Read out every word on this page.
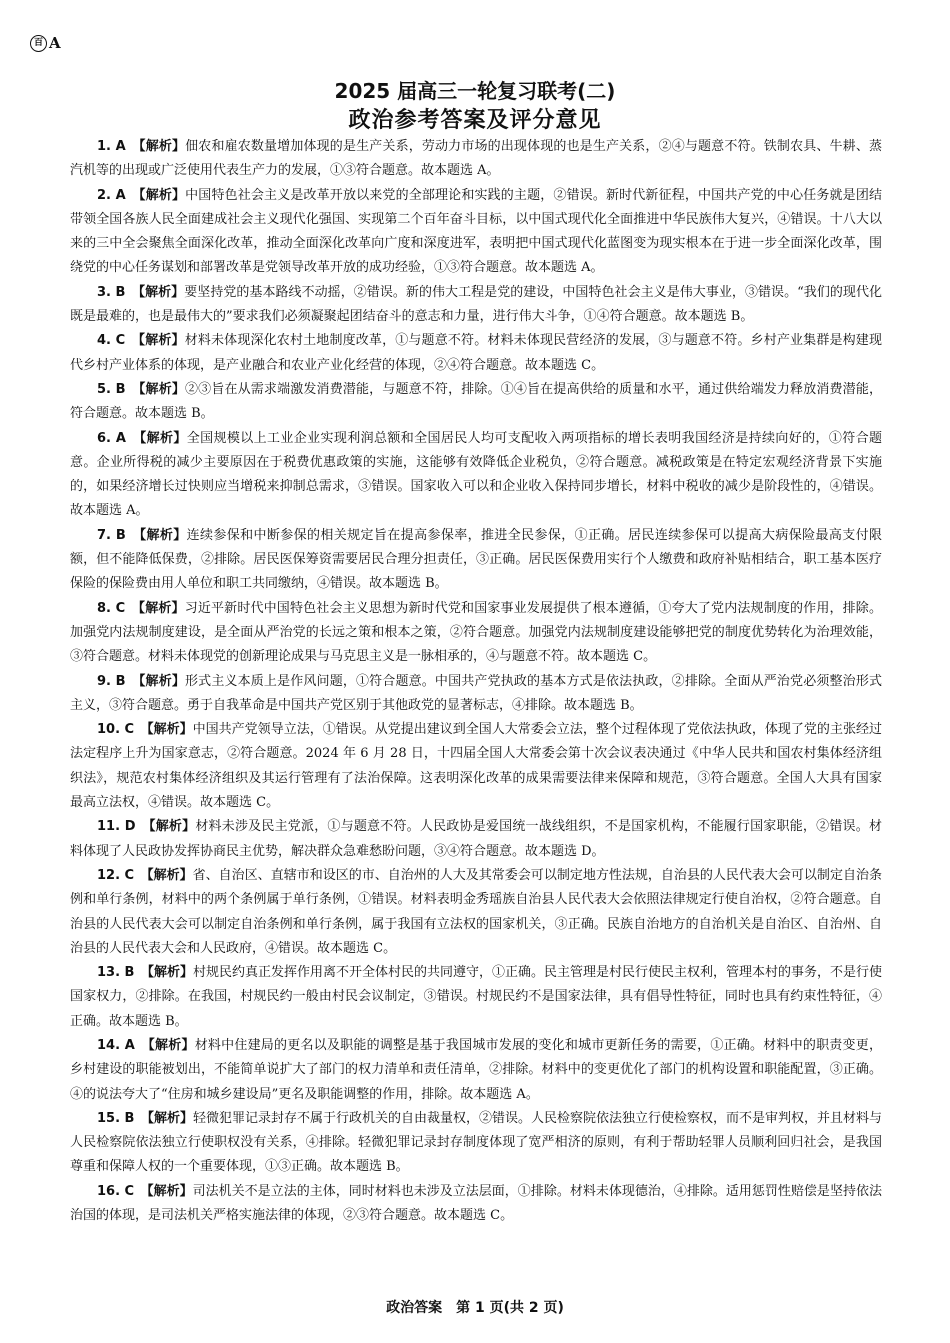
百 A
2025 届高三一轮复习联考(二)
政治参考答案及评分意见

1. A　 【解析】佃农和雇农数量增加体现的是生产关系，劳动力市场的出现体现的也是生产关系，②④与题意不符。铁制农具、牛耕、蒸汽机等的出现或广泛使用代表生产力的发展，①③符合题意。故本题选 A。

2. A　 【解析】中国特色社会主义是改革开放以来党的全部理论和实践的主题，②错误。新时代新征程，中国共产党的中心任务就是团结带领全国各族人民全面建成社会主义现代化强国、实现第二个百年奋斗目标，以中国式现代化全面推进中华民族伟大复兴，④错误。十八大以来的三中全会聚焦全面深化改革，推动全面深化改革向广度和深度进军，表明把中国式现代化蓝图变为现实根本在于进一步全面深化改革，围绕党的中心任务谋划和部署改革是党领导改革开放的成功经验，①③符合题意。故本题选 A。

3. B　 【解析】要坚持党的基本路线不动摇，②错误。新的伟大工程是党的建设，中国特色社会主义是伟大事业，③错误。“我们的现代化既是最难的，也是最伟大的”要求我们必须凝聚起团结奋斗的意志和力量，进行伟大斗争，①④符合题意。故本题选 B。

4. C　 【解析】材料未体现深化农村土地制度改革，①与题意不符。材料未体现民营经济的发展，③与题意不符。乡村产业集群是构建现代乡村产业体系的体现，是产业融合和农业产业化经营的体现，②④符合题意。故本题选 C。

5. B　 【解析】②③旨在从需求端激发消费潜能，与题意不符，排除。①④旨在提高供给的质量和水平，通过供给端发力释放消费潜能，符合题意。故本题选 B。

6. A　 【解析】全国规模以上工业企业实现利润总额和全国居民人均可支配收入两项指标的增长表明我国经济是持续向好的，①符合题意。企业所得税的减少主要原因在于税费优惠政策的实施，这能够有效降低企业税负，②符合题意。减税政策是在特定宏观经济背景下实施的，如果经济增长过快则应当增税来抑制总需求，③错误。国家收入可以和企业收入保持同步增长，材料中税收的减少是阶段性的，④错误。故本题选 A。

7. B　 【解析】连续参保和中断参保的相关规定旨在提高参保率，推进全民参保，①正确。居民连续参保可以提高大病保险最高支付限额，但不能降低保费，②排除。居民医保筹资需要居民合理分担责任，③正确。居民医保费用实行个人缴费和政府补贴相结合，职工基本医疗保险的保险费由用人单位和职工共同缴纳，④错误。故本题选 B。

8. C　 【解析】习近平新时代中国特色社会主义思想为新时代党和国家事业发展提供了根本遵循，①夸大了党内法规制度的作用，排除。加强党内法规制度建设，是全面从严治党的长远之策和根本之策，②符合题意。加强党内法规制度建设能够把党的制度优势转化为治理效能，③符合题意。材料未体现党的创新理论成果与马克思主义是一脉相承的，④与题意不符。故本题选 C。

9. B　 【解析】形式主义本质上是作风问题，①符合题意。中国共产党执政的基本方式是依法执政，②排除。全面从严治党必须整治形式主义，③符合题意。勇于自我革命是中国共产党区别于其他政党的显著标志，④排除。故本题选 B。

10. C　 【解析】中国共产党领导立法，①错误。从党提出建议到全国人大常委会立法，整个过程体现了党依法执政，体现了党的主张经过法定程序上升为国家意志，②符合题意。2024 年 6 月 28 日，十四届全国人大常委会第十次会议表决通过《中华人民共和国农村集体经济组织法》，规范农村集体经济组织及其运行管理有了法治保障。这表明深化改革的成果需要法律来保障和规范，③符合题意。全国人大具有国家最高立法权，④错误。故本题选 C。

11. D　 【解析】材料未涉及民主党派，①与题意不符。人民政协是爱国统一战线组织，不是国家机构，不能履行国家职能，②错误。材料体现了人民政协发挥协商民主优势，解决群众急难愁盼问题，③④符合题意。故本题选 D。

12. C　 【解析】省、自治区、直辖市和设区的市、自治州的人大及其常委会可以制定地方性法规，自治县的人民代表大会可以制定自治条例和单行条例，材料中的两个条例属于单行条例，①错误。材料表明金秀瑶族自治县人民代表大会依照法律规定行使自治权，②符合题意。自治县的人民代表大会可以制定自治条例和单行条例，属于我国有立法权的国家机关，③正确。民族自治地方的自治机关是自治区、自治州、自治县的人民代表大会和人民政府，④错误。故本题选 C。

13. B　 【解析】村规民约真正发挥作用离不开全体村民的共同遵守，①正确。民主管理是村民行使民主权利，管理本村的事务，不是行使国家权力，②排除。在我国，村规民约一般由村民会议制定，③错误。村规民约不是国家法律，具有倡导性特征，同时也具有约束性特征，④正确。故本题选 B。

14. A　 【解析】材料中住建局的更名以及职能的调整是基于我国城市发展的变化和城市更新任务的需要，①正确。材料中的职责变更，乡村建设的职能被划出，不能简单说扩大了部门的权力清单和责任清单，②排除。材料中的变更优化了部门的机构设置和职能配置，③正确。④的说法夸大了“住房和城乡建设局”更名及职能调整的作用，排除。故本题选 A。

15. B　 【解析】轻微犯罪记录封存不属于行政机关的自由裁量权，②错误。人民检察院依法独立行使检察权，而不是审判权，并且材料与人民检察院依法独立行使职权没有关系，④排除。轻微犯罪记录封存制度体现了宽严相济的原则，有利于帮助轻罪人员顺利回归社会，是我国尊重和保障人权的一个重要体现，①③正确。故本题选 B。

16. C　 【解析】司法机关不是立法的主体，同时材料也未涉及立法层面，①排除。材料未体现德治，④排除。适用惩罚性赔偿是坚持依法治国的体现，是司法机关严格实施法律的体现，②③符合题意。故本题选 C。

政治答案　第 1 页(共 2 页)
